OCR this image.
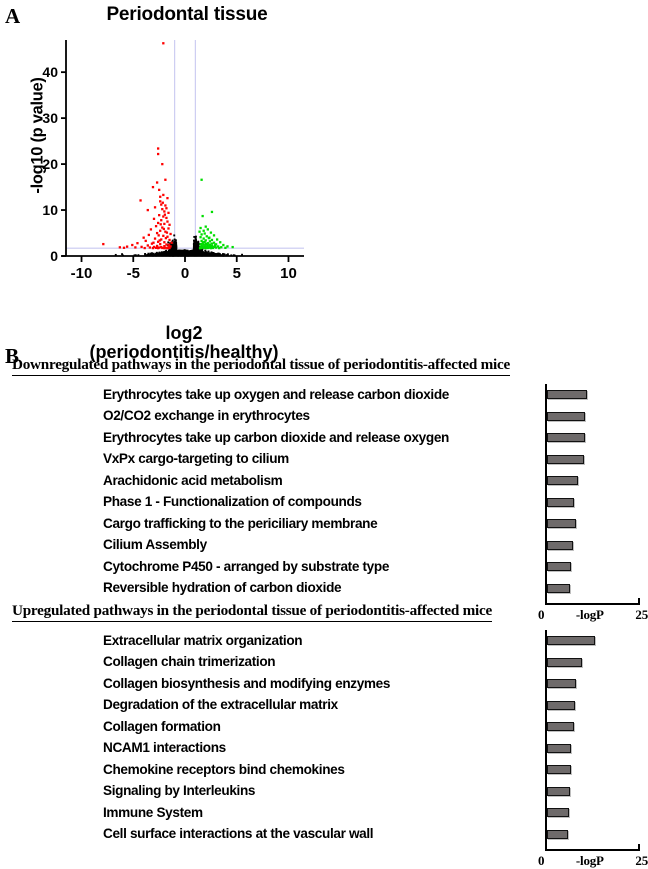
A	Periodontal tissue
-log10 (p value)
0
10
20
30
40
-10 -5	0	5	10
log2
(periodontitis/healthy)
B
Downregulated pathways in the periodontal tissue of periodontitis-affected mice
Erythrocytes take up oxygen and release carbon dioxide
O2/CO2 exchange in erythrocytes
Erythrocytes take up carbon dioxide and release oxygen
VxPx cargo-targeting to cilium
Arachidonic acid metabolism
Phase 1 - Functionalization of compounds
Cargo trafficking to the periciliary membrane
Cilium Assembly
Cytochrome P450 - arranged by substrate type
Reversible hydration of carbon dioxide
0 -logP 25
Upregulated pathways in the periodontal tissue of periodontitis-affected mice
Extracellular matrix organization
Collagen chain trimerization
Collagen biosynthesis and modifying enzymes
Degradation of the extracellular matrix
Collagen formation
NCAM1 interactions
Chemokine receptors bind chemokines
Signaling by Interleukins
Immune System
Cell surface interactions at the vascular wall
0 -logP 25
